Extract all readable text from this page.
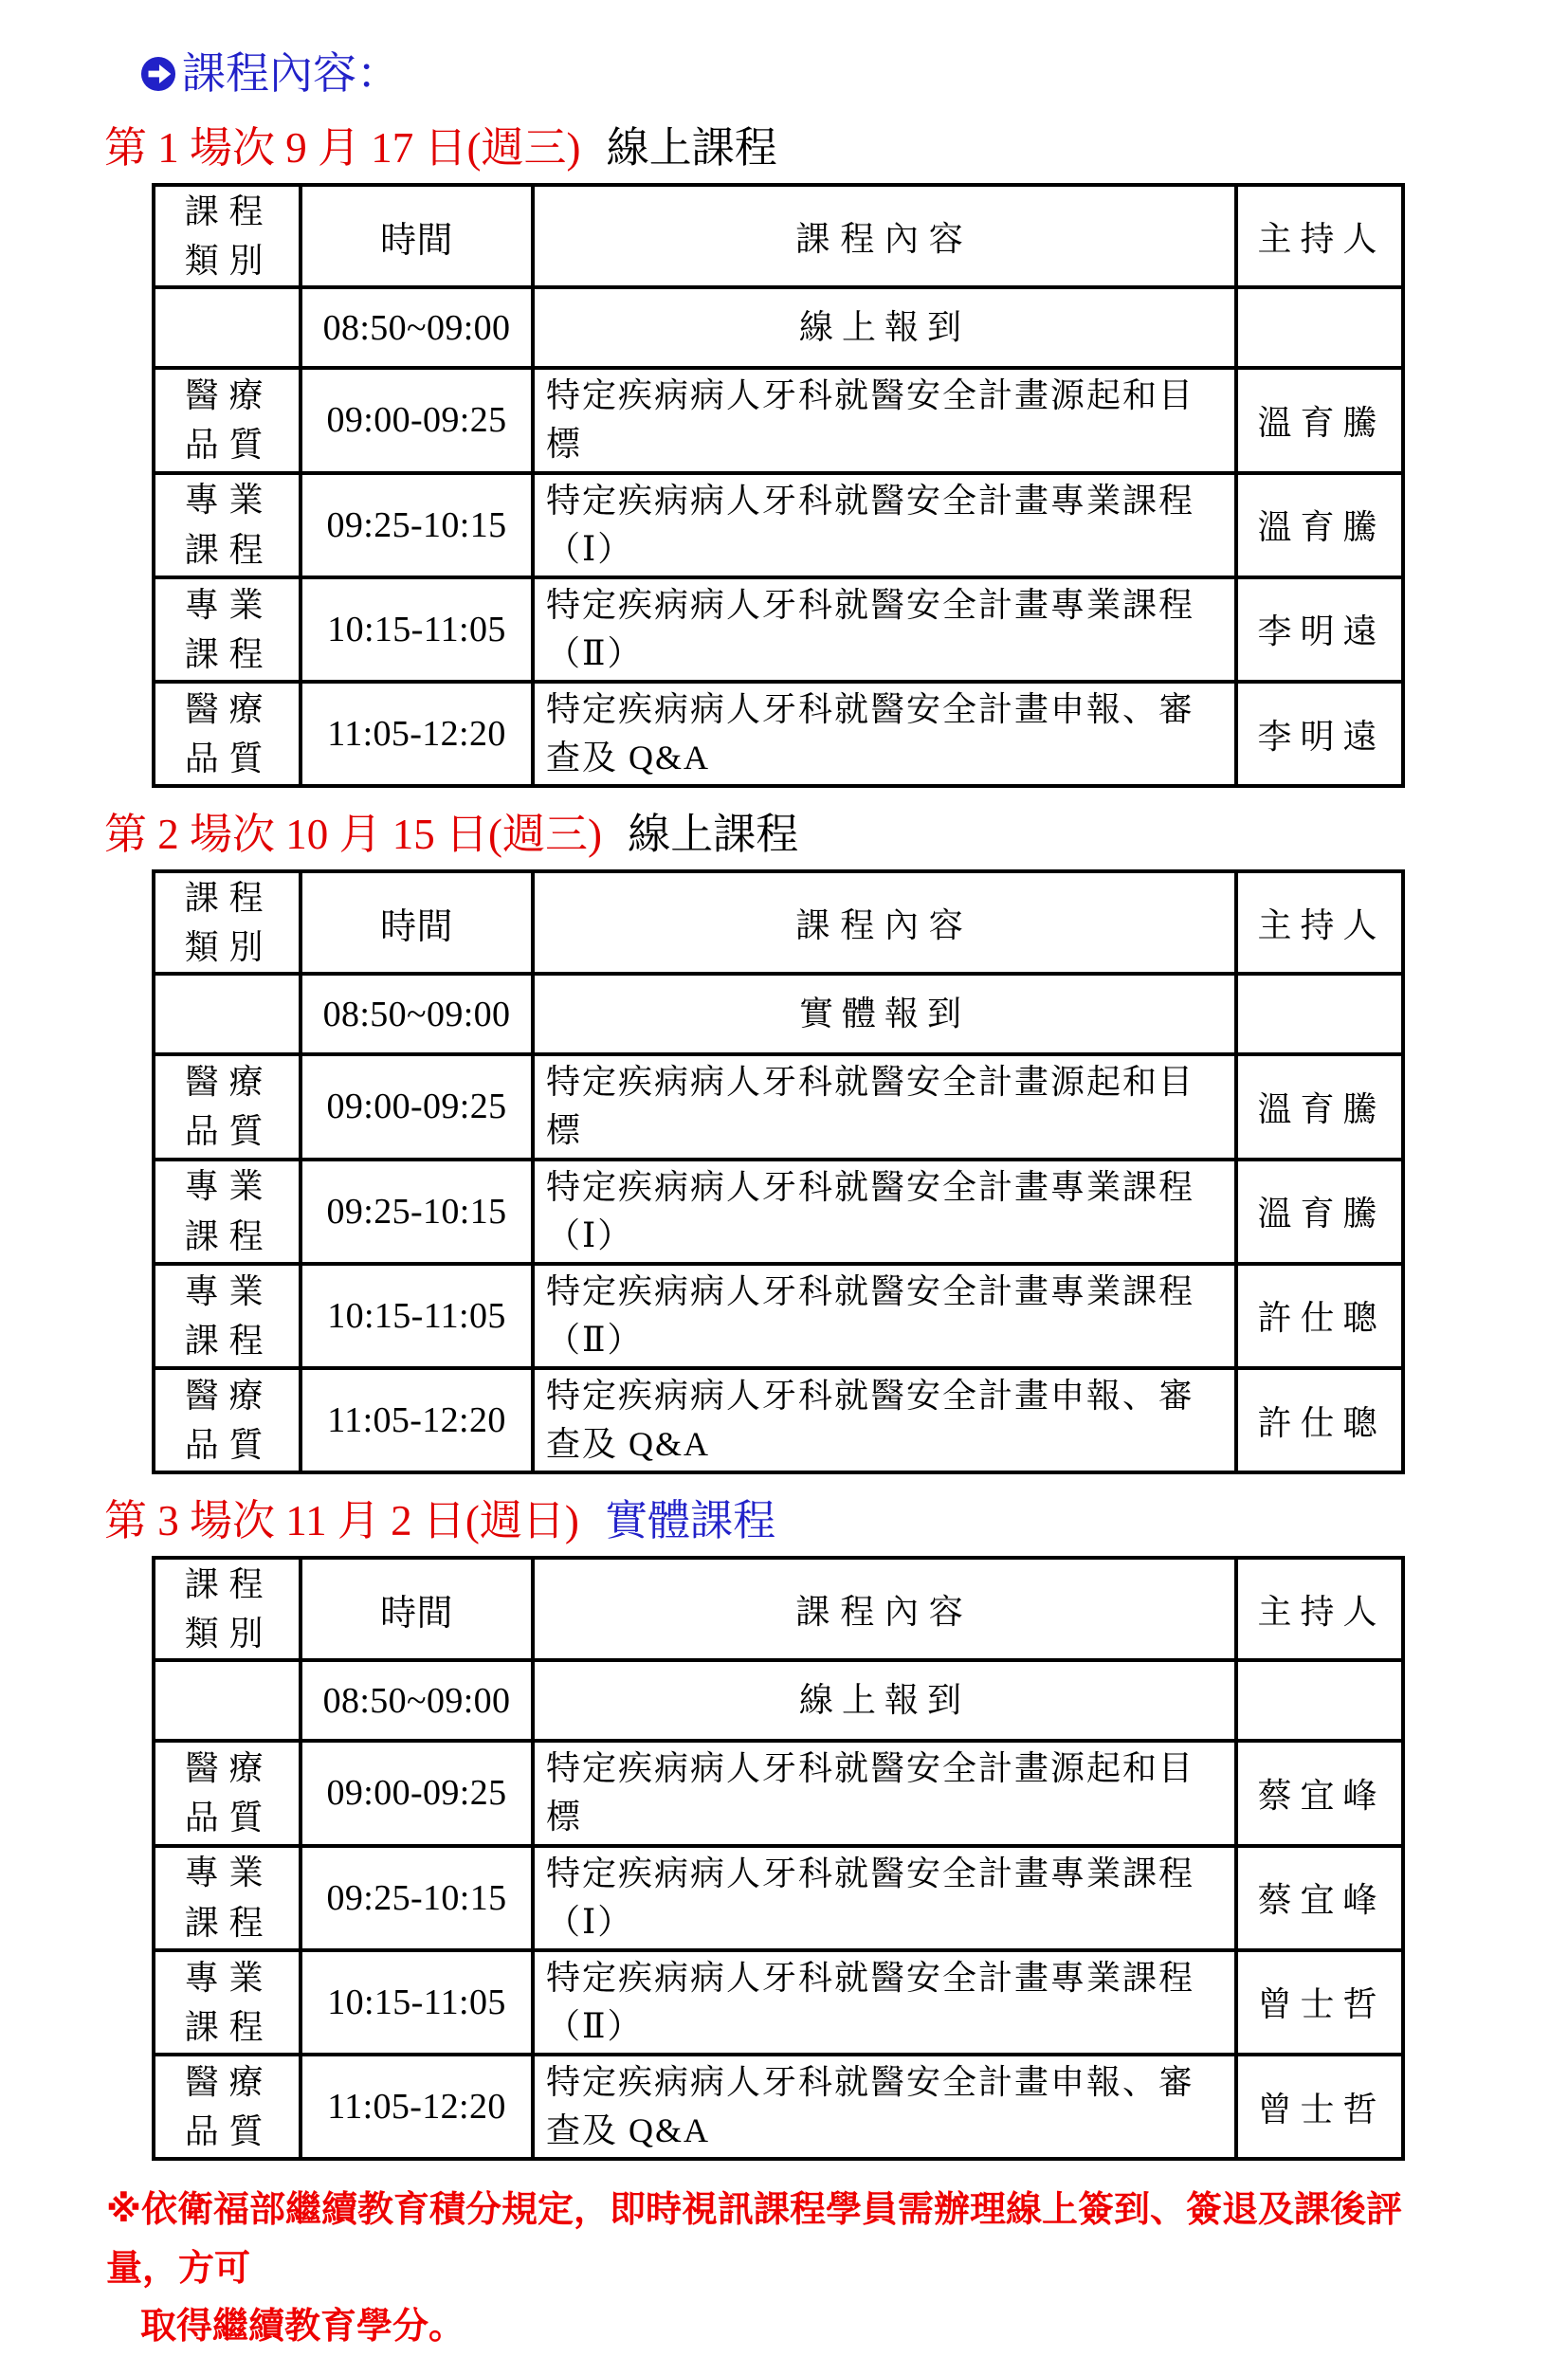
課程內容：
第 1 場次 9 月 17 日(週三) 線上課程
課程類別	時間	課程內容	主持人
	08:50~09:00	線上報到	
醫療品質	09:00-09:25	特定疾病病人牙科就醫安全計畫源起和目標	溫育騰
專業課程	09:25-10:15	特定疾病病人牙科就醫安全計畫專業課程（Ⅰ）	溫育騰
專業課程	10:15-11:05	特定疾病病人牙科就醫安全計畫專業課程（Ⅱ）	李明遠
醫療品質	11:05-12:20	特定疾病病人牙科就醫安全計畫申報、審查及 Q&A	李明遠
第 2 場次 10 月 15 日(週三) 線上課程
課程類別	時間	課程內容	主持人
	08:50~09:00	實體報到	
醫療品質	09:00-09:25	特定疾病病人牙科就醫安全計畫源起和目標	溫育騰
專業課程	09:25-10:15	特定疾病病人牙科就醫安全計畫專業課程（Ⅰ）	溫育騰
專業課程	10:15-11:05	特定疾病病人牙科就醫安全計畫專業課程（Ⅱ）	許仕聰
醫療品質	11:05-12:20	特定疾病病人牙科就醫安全計畫申報、審查及 Q&A	許仕聰
第 3 場次 11 月 2 日(週日) 實體課程
課程類別	時間	課程內容	主持人
	08:50~09:00	線上報到	
醫療品質	09:00-09:25	特定疾病病人牙科就醫安全計畫源起和目標	蔡宜峰
專業課程	09:25-10:15	特定疾病病人牙科就醫安全計畫專業課程（Ⅰ）	蔡宜峰
專業課程	10:15-11:05	特定疾病病人牙科就醫安全計畫專業課程（Ⅱ）	曾士哲
醫療品質	11:05-12:20	特定疾病病人牙科就醫安全計畫申報、審查及 Q&A	曾士哲
※依衛福部繼續教育積分規定，即時視訊課程學員需辦理線上簽到、簽退及課後評量，方可
取得繼續教育學分。
